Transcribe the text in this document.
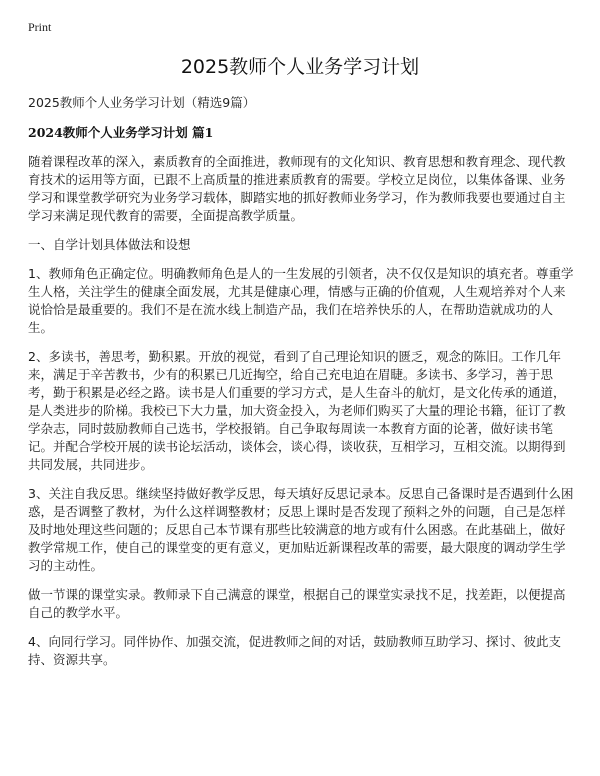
Print
2025教师个人业务学习计划

2025教师个人业务学习计划（精选9篇）

2024教师个人业务学习计划 篇1

随着课程改革的深入，素质教育的全面推进，教师现有的文化知识、教育思想和教育理念、现代教育技术的运用等方面，已跟不上高质量的推进素质教育的需要。学校立足岗位，以集体备课、业务学习和课堂教学研究为业务学习载体，脚踏实地的抓好教师业务学习，作为教师我要也要通过自主学习来满足现代教育的需要，全面提高教学质量。

一、自学计划具体做法和设想

1、教师角色正确定位。明确教师角色是人的一生发展的引领者，决不仅仅是知识的填充者。尊重学生人格，关注学生的健康全面发展，尤其是健康心理，情感与正确的价值观，人生观培养对个人来说恰恰是最重要的。我们不是在流水线上制造产品，我们在培养快乐的人，在帮助造就成功的人生。

2、多读书，善思考，勤积累。开放的视觉，看到了自己理论知识的匮乏，观念的陈旧。工作几年来，满足于辛苦教书，少有的积累已几近掏空，给自己充电迫在眉睫。多读书、多学习，善于思考，勤于积累是必经之路。读书是人们重要的学习方式，是人生奋斗的航灯，是文化传承的通道，是人类进步的阶梯。我校已下大力量，加大资金投入，为老师们购买了大量的理论书籍，征订了教学杂志，同时鼓励教师自己选书，学校报销。自己争取每周读一本教育方面的论著，做好读书笔记。并配合学校开展的读书论坛活动，谈体会，谈心得，谈收获，互相学习，互相交流。以期得到共同发展，共同进步。

3、关注自我反思。继续坚持做好教学反思，每天填好反思记录本。反思自己备课时是否遇到什么困惑，是否调整了教材，为什么这样调整教材；反思上课时是否发现了预料之外的问题，自己是怎样及时地处理这些问题的；反思自己本节课有那些比较满意的地方或有什么困惑。在此基础上，做好教学常规工作，使自己的课堂变的更有意义，更加贴近新课程改革的需要，最大限度的调动学生学习的主动性。

做一节课的课堂实录。教师录下自己满意的课堂，根据自己的课堂实录找不足，找差距，以便提高自己的教学水平。

4、向同行学习。同伴协作、加强交流，促进教师之间的对话，鼓励教师互助学习、探讨、彼此支持、资源共享。
